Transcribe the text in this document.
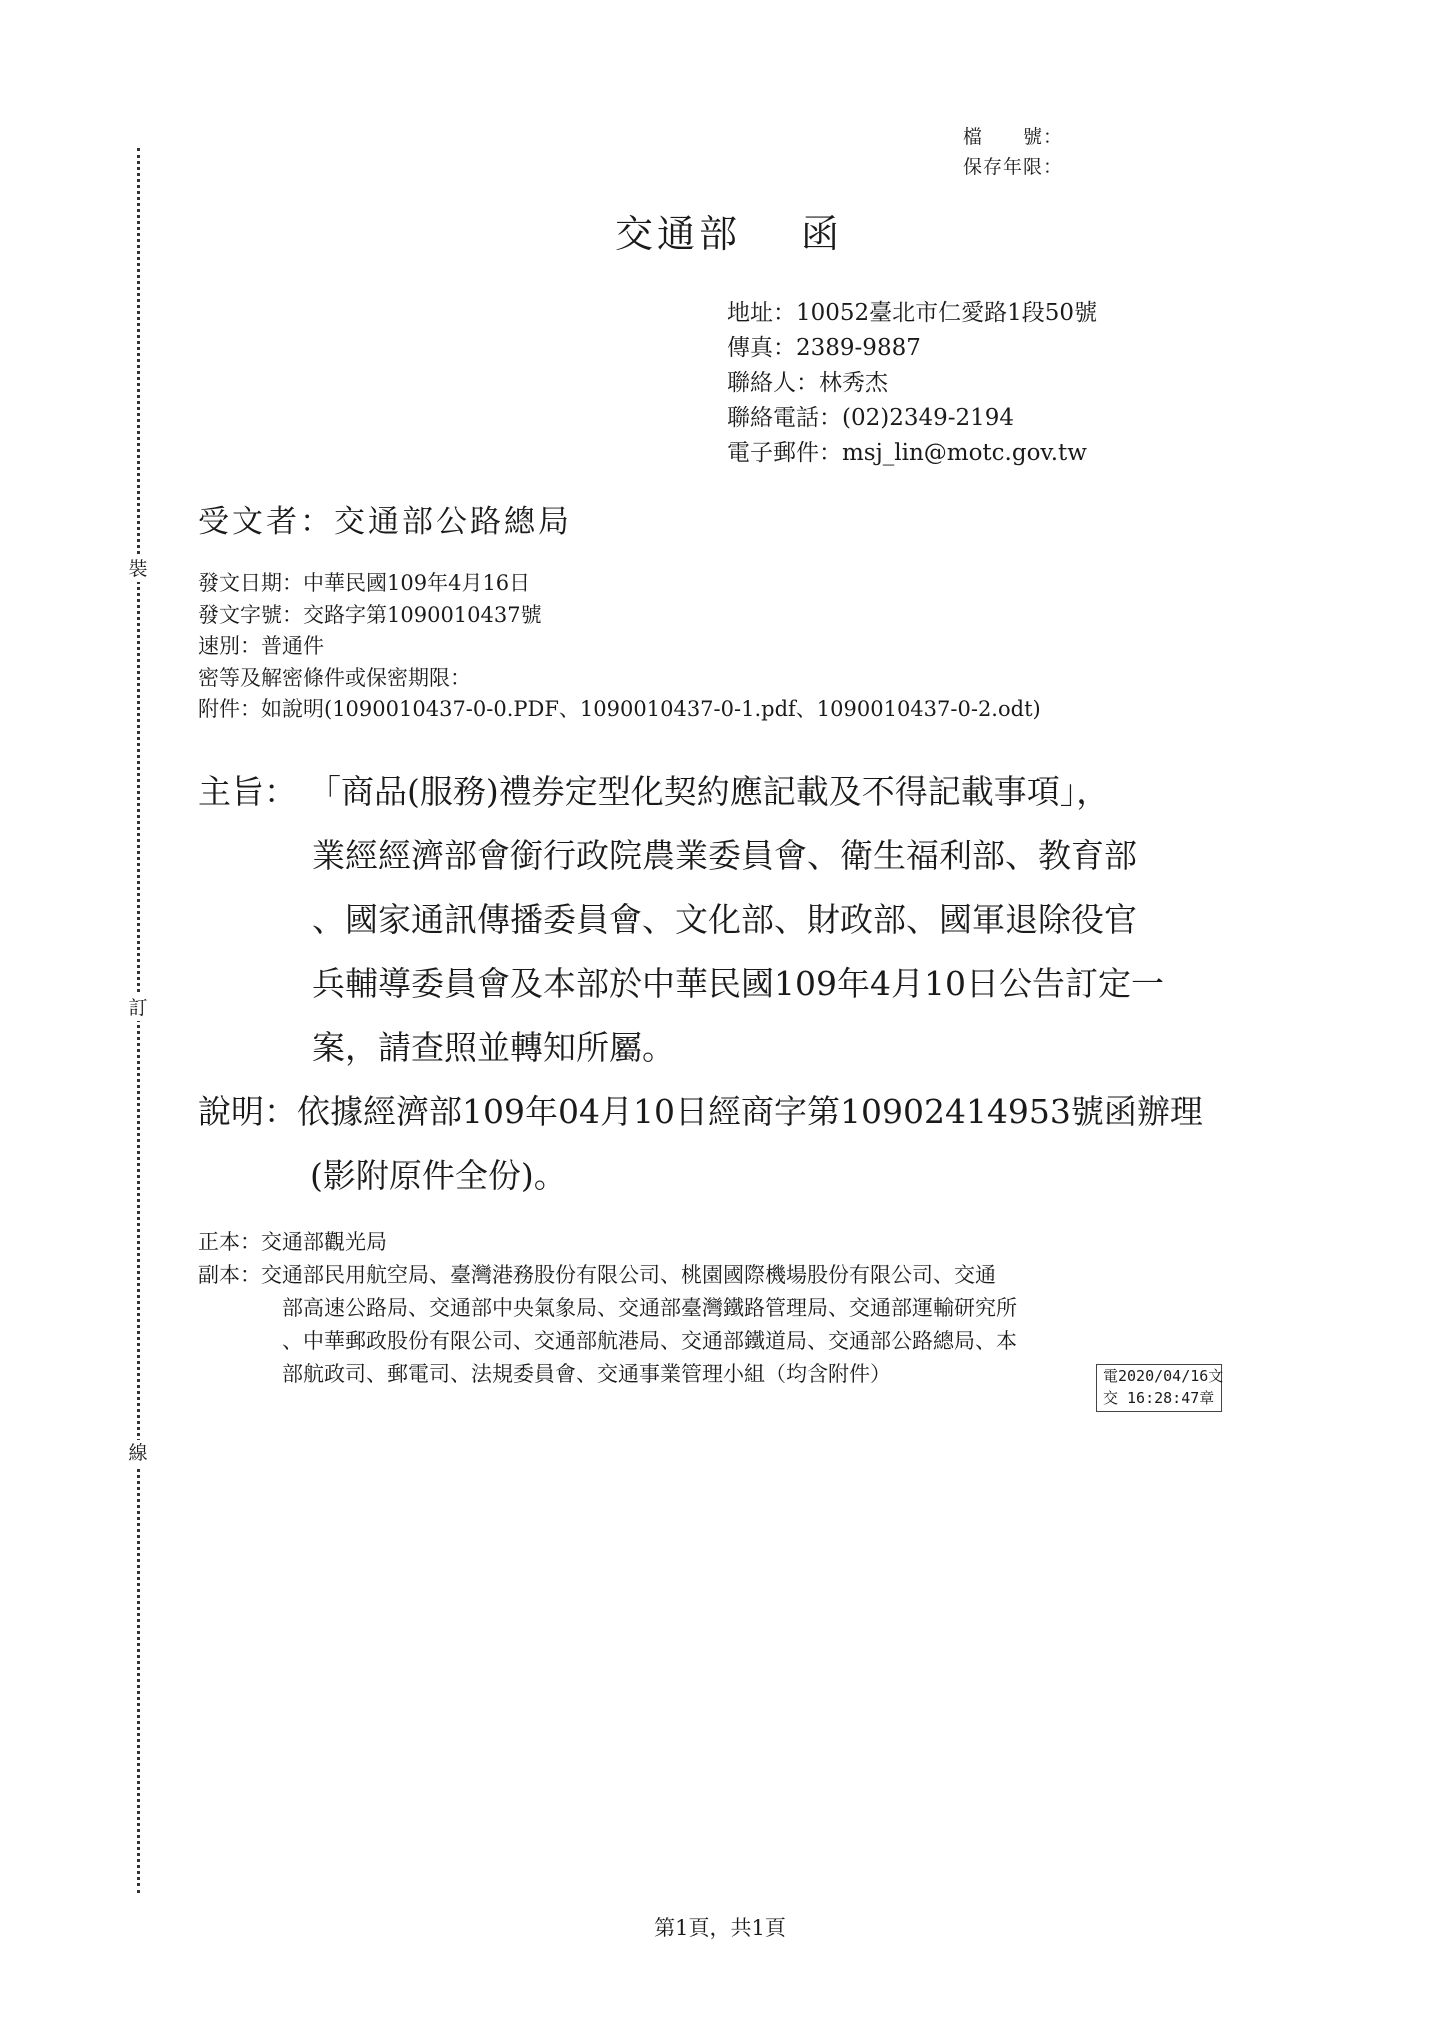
裝
訂
線
檔　　號：
保存年限：
交通部 函
地址：10052臺北市仁愛路1段50號
傳真：2389-9887
聯絡人：林秀杰
聯絡電話：(02)2349-2194
電子郵件：msj_lin@motc.gov.tw
受文者：交通部公路總局
發文日期：中華民國109年4月16日
發文字號：交路字第1090010437號
速別：普通件
密等及解密條件或保密期限：
附件：如說明(1090010437-0-0.PDF、1090010437-0-1.pdf、1090010437-0-2.odt)
主旨： 「商品(服務)禮券定型化契約應記載及不得記載事項」，
業經經濟部會銜行政院農業委員會、衛生福利部、教育部
、國家通訊傳播委員會、文化部、財政部、國軍退除役官
兵輔導委員會及本部於中華民國109年4月10日公告訂定一
案，請查照並轉知所屬。
說明：依據經濟部109年04月10日經商字第10902414953號函辦理
(影附原件全份)。
正本：交通部觀光局
副本：交通部民用航空局、臺灣港務股份有限公司、桃園國際機場股份有限公司、交通
部高速公路局、交通部中央氣象局、交通部臺灣鐵路管理局、交通部運輸研究所
、中華郵政股份有限公司、交通部航港局、交通部鐵道局、交通部公路總局、本
部航政司、郵電司、法規委員會、交通事業管理小組（均含附件）	電2020/04/16文
交 16:28:47章
第1頁，共1頁
